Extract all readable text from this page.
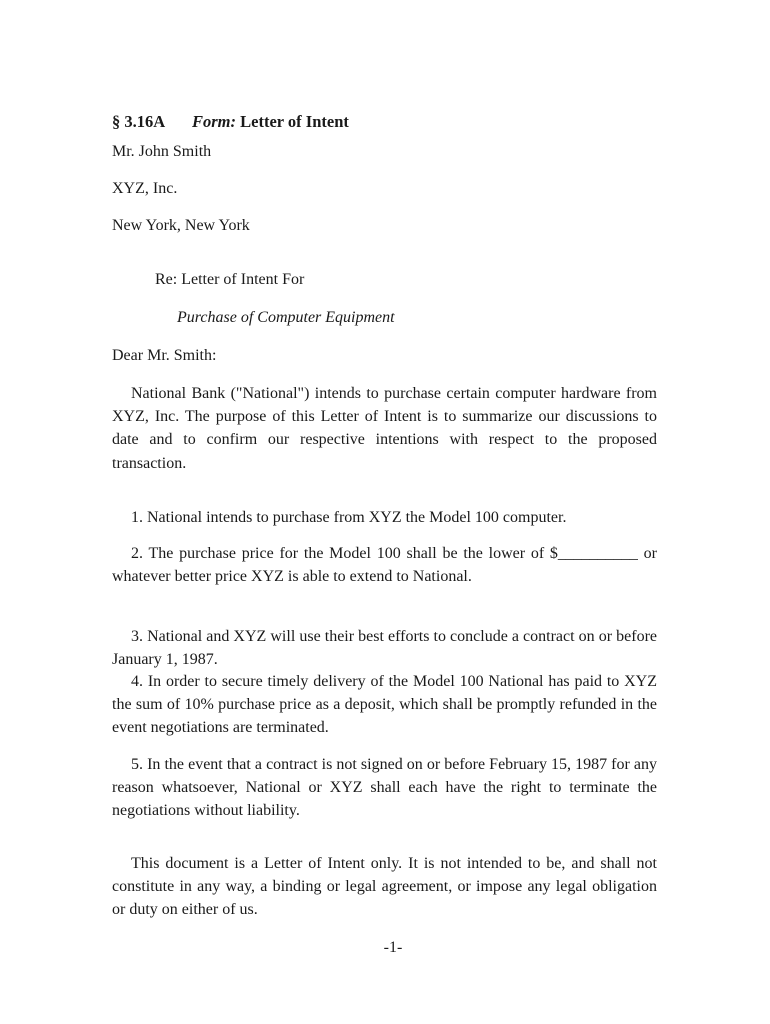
§ 3.16A Form: Letter of Intent
Mr. John Smith
XYZ, Inc.
New York, New York
Re: Letter of Intent For
Purchase of Computer Equipment
Dear Mr. Smith:

National Bank ("National") intends to purchase certain computer hardware from XYZ, Inc. The purpose of this Letter of Intent is to summarize our discussions to date and to confirm our respective intentions with respect to the proposed transaction.

1. National intends to purchase from XYZ the Model 100 computer.

2. The purchase price for the Model 100 shall be the lower of $__________ or whatever better price XYZ is able to extend to National.

3. National and XYZ will use their best efforts to conclude a contract on or before January 1, 1987.

4. In order to secure timely delivery of the Model 100 National has paid to XYZ the sum of 10% purchase price as a deposit, which shall be promptly refunded in the event negotiations are terminated.

5. In the event that a contract is not signed on or before February 15, 1987 for any reason whatsoever, National or XYZ shall each have the right to terminate the negotiations without liability.

This document is a Letter of Intent only. It is not intended to be, and shall not constitute in any way, a binding or legal agreement, or impose any legal obligation or duty on either of us.

-1-
